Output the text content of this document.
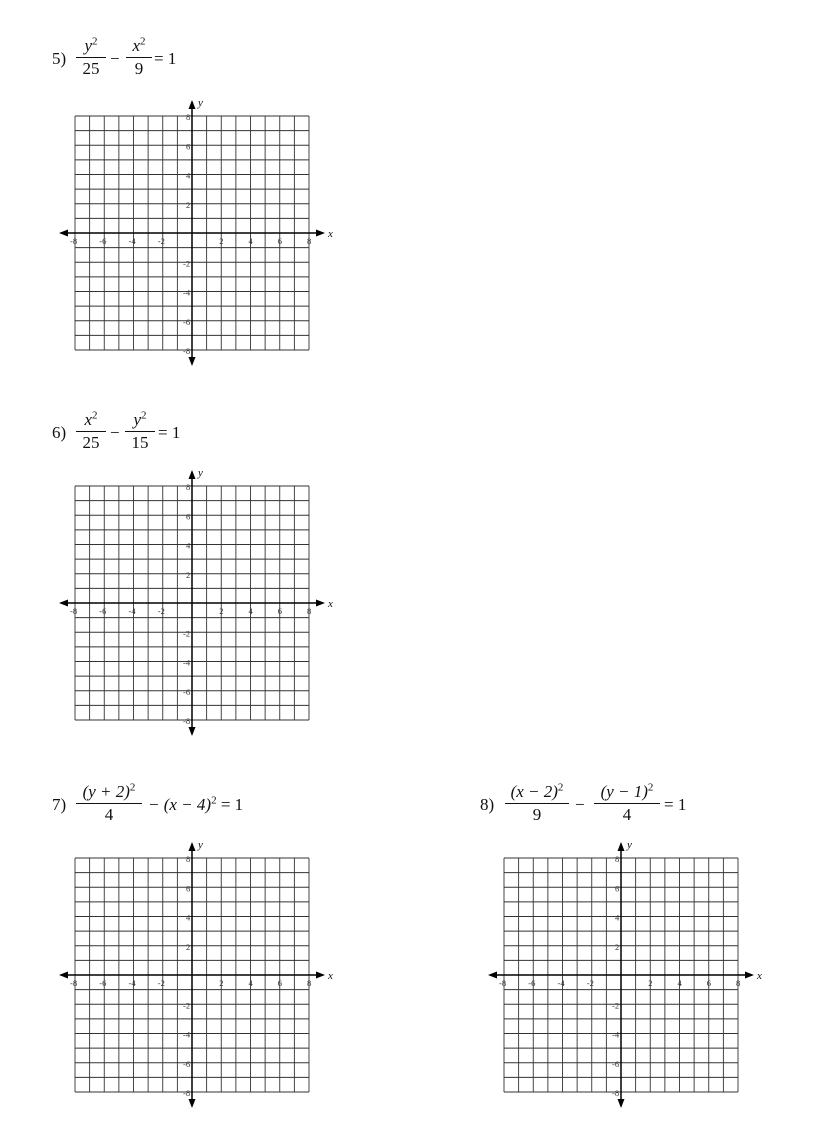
5)
$y^2$
25
−
$x^2$
9
= 1
x
y
-8	-6	-4	-2	2	4	6	8
8
6
4
2
-2
-4
-6
-8
6)
$x^2$
25
−
$y^2$
15
= 1
x
y
-8	-6	-4	-2	2	4	6	8
8
6
4
2
-2
-4
-6
-8
7)
$(y + 2)^2$
4
− $(x - 4)^2 = 1$
x
y
-8	-6	-4	-2	2	4	6	8
8
6
4
2
-2
-4
-6
-8
8)
$(x - 2)^2$
9
−
$(y - 1)^2$
4
= 1
x
y
-8	-6	-4	-2	2	4	6	8
8
6
4
2
-2
-4
-6
-8
